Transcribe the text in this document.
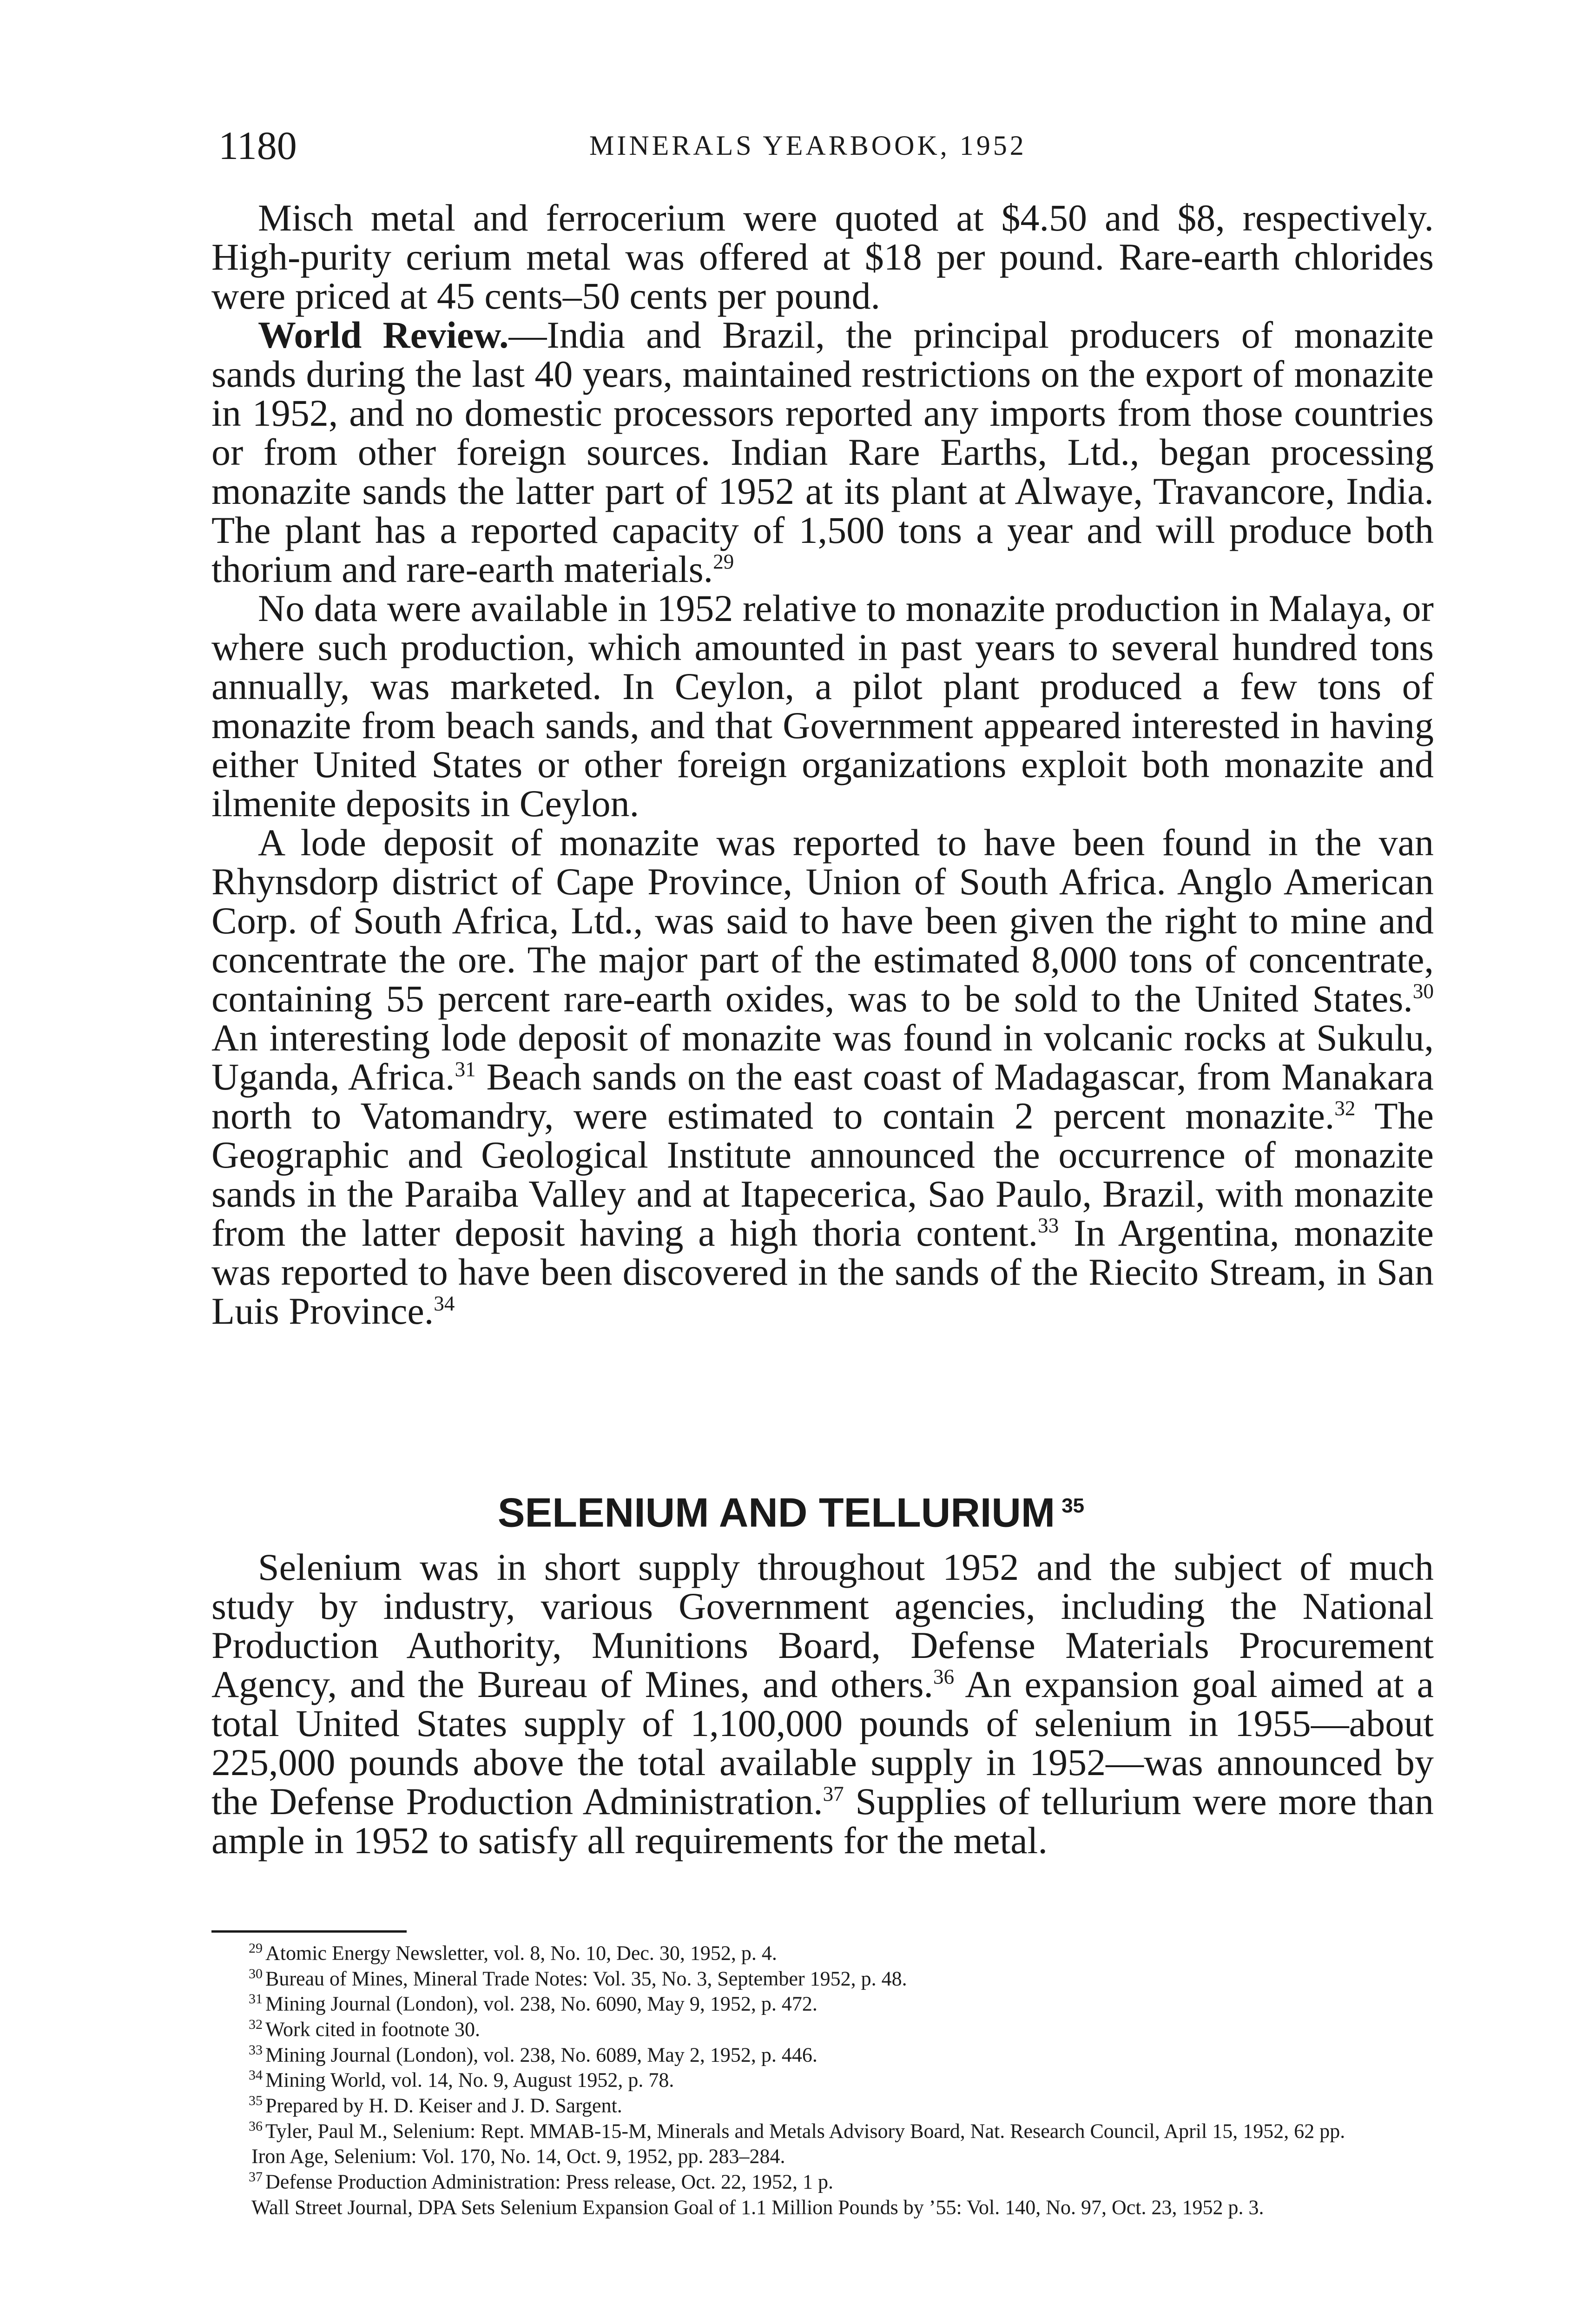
1180	MINERALS YEARBOOK, 1952

Misch metal and ferrocerium were quoted at $4.50 and $8, respectively. High-purity cerium metal was offered at $18 per pound. Rare-earth chlorides were priced at 45 cents–50 cents per pound.

World Review.—India and Brazil, the principal producers of monazite sands during the last 40 years, maintained restrictions on the export of monazite in 1952, and no domestic processors reported any imports from those countries or from other foreign sources. Indian Rare Earths, Ltd., began processing monazite sands the latter part of 1952 at its plant at Alwaye, Travancore, India. The plant has a reported capacity of 1,500 tons a year and will produce both thorium and rare-earth materials.$^{29}$

No data were available in 1952 relative to monazite production in Malaya, or where such production, which amounted in past years to several hundred tons annually, was marketed. In Ceylon, a pilot plant produced a few tons of monazite from beach sands, and that Government appeared interested in having either United States or other foreign organizations exploit both monazite and ilmenite deposits in Ceylon.

A lode deposit of monazite was reported to have been found in the van Rhynsdorp district of Cape Province, Union of South Africa. Anglo American Corp. of South Africa, Ltd., was said to have been given the right to mine and concentrate the ore. The major part of the estimated 8,000 tons of concentrate, containing 55 percent rare-earth oxides, was to be sold to the United States.$^{30}$ An interesting lode deposit of monazite was found in volcanic rocks at Sukulu, Uganda, Africa.$^{31}$ Beach sands on the east coast of Madagascar, from Manakara north to Vatomandry, were estimated to contain 2 percent monazite.$^{32}$ The Geographic and Geological Institute announced the occurrence of monazite sands in the Paraiba Valley and at Itapecerica, Sao Paulo, Brazil, with monazite from the latter deposit having a high thoria content.$^{33}$ In Argentina, monazite was reported to have been discovered in the sands of the Riecito Stream, in San Luis Province.$^{34}$

SELENIUM AND TELLURIUM $^{35}$

Selenium was in short supply throughout 1952 and the subject of much study by industry, various Government agencies, including the National Production Authority, Munitions Board, Defense Materials Procurement Agency, and the Bureau of Mines, and others.$^{36}$ An expansion goal aimed at a total United States supply of 1,100,000 pounds of selenium in 1955—about 225,000 pounds above the total available supply in 1952—was announced by the Defense Production Administration.$^{37}$ Supplies of tellurium were more than ample in 1952 to satisfy all requirements for the metal.

$^{29}$ Atomic Energy Newsletter, vol. 8, No. 10, Dec. 30, 1952, p. 4.

$^{30}$ Bureau of Mines, Mineral Trade Notes: Vol. 35, No. 3, September 1952, p. 48.

$^{31}$ Mining Journal (London), vol. 238, No. 6090, May 9, 1952, p. 472.

$^{32}$ Work cited in footnote 30.

$^{33}$ Mining Journal (London), vol. 238, No. 6089, May 2, 1952, p. 446.

$^{34}$ Mining World, vol. 14, No. 9, August 1952, p. 78.

$^{35}$ Prepared by H. D. Keiser and J. D. Sargent.

$^{36}$ Tyler, Paul M., Selenium: Rept. MMAB-15-M, Minerals and Metals Advisory Board, Nat. Research Council, April 15, 1952, 62 pp.

Iron Age, Selenium: Vol. 170, No. 14, Oct. 9, 1952, pp. 283–284.

$^{37}$ Defense Production Administration: Press release, Oct. 22, 1952, 1 p.

Wall Street Journal, DPA Sets Selenium Expansion Goal of 1.1 Million Pounds by ’55: Vol. 140, No. 97, Oct. 23, 1952 p. 3.
